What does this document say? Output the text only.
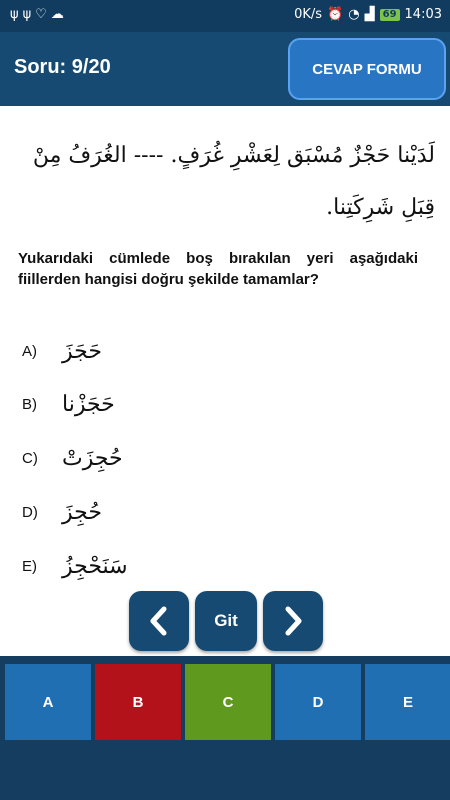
ψψ♡☁	0K/s ⏰ ◔ ▟ 69 14:03
Soru: 9/20	CEVAP FORMU
لَدَيْنا حَجْزٌ مُسْبَق لِعَشْرِ غُرَفٍ. ---- الغُرَفُ مِنْ قِبَلِ شَرِكَتِنا.
Yukarıdaki cümlede boş bırakılan yeri aşağıdaki fiillerden hangisi doğru şekilde tamamlar?
A)	حَجَزَ
B)	حَجَزْنا
C)	حُجِزَتْ
D)	حُجِزَ
E)	سَنَحْجِزُ
Git
A	B	C	D	E
